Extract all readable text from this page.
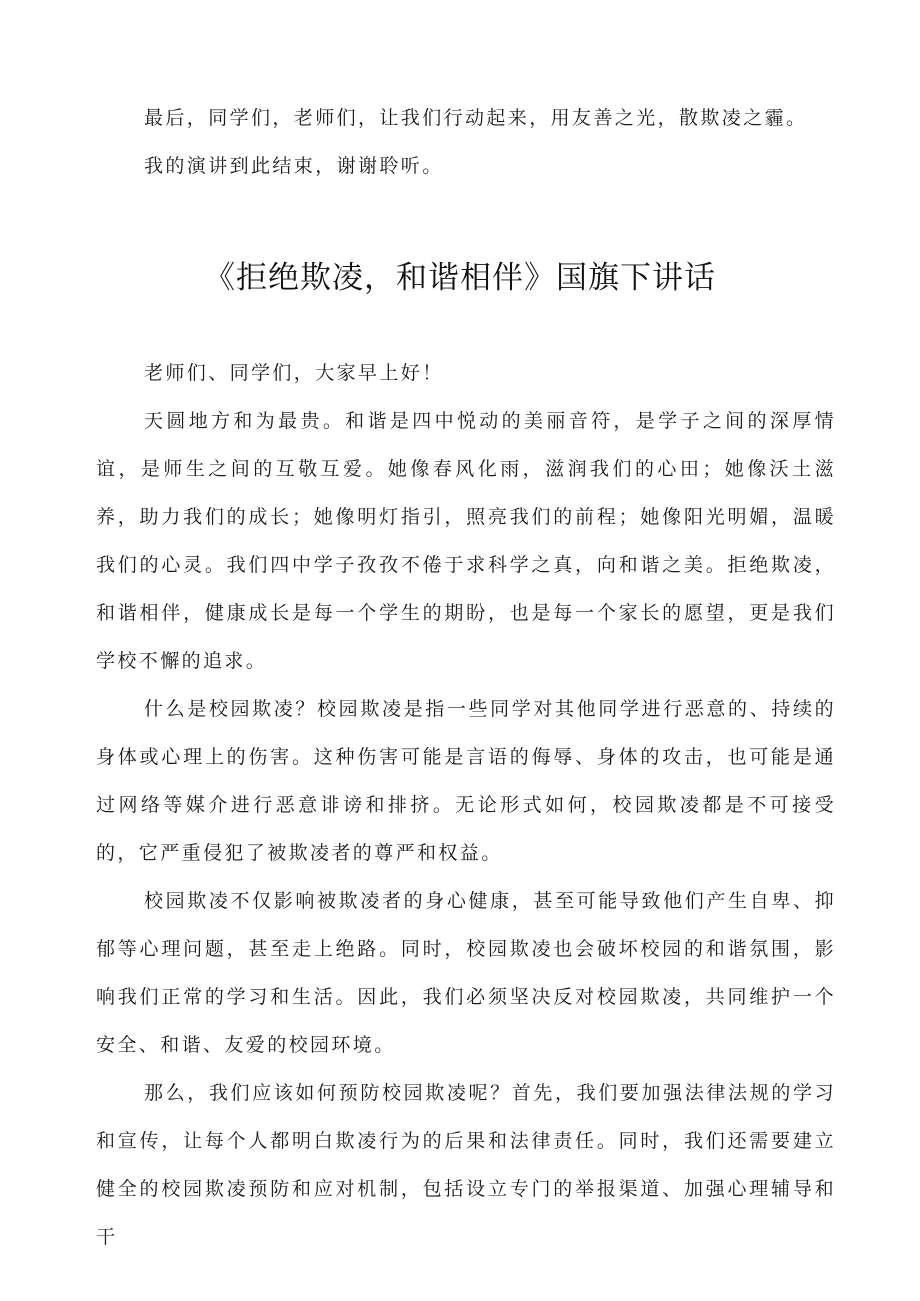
最后，同学们，老师们，让我们行动起来，用友善之光，散欺凌之霾。

我的演讲到此结束，谢谢聆听。

《拒绝欺凌，和谐相伴》国旗下讲话

老师们、同学们，大家早上好！

天圆地方和为最贵。和谐是四中悦动的美丽音符，是学子之间的深厚情谊，是师生之间的互敬互爱。她像春风化雨，滋润我们的心田；她像沃土滋养，助力我们的成长；她像明灯指引，照亮我们的前程；她像阳光明媚，温暖我们的心灵。我们四中学子孜孜不倦于求科学之真，向和谐之美。拒绝欺凌，和谐相伴，健康成长是每一个学生的期盼，也是每一个家长的愿望，更是我们学校不懈的追求。

什么是校园欺凌？校园欺凌是指一些同学对其他同学进行恶意的、持续的身体或心理上的伤害。这种伤害可能是言语的侮辱、身体的攻击，也可能是通过网络等媒介进行恶意诽谤和排挤。无论形式如何，校园欺凌都是不可接受的，它严重侵犯了被欺凌者的尊严和权益。

校园欺凌不仅影响被欺凌者的身心健康，甚至可能导致他们产生自卑、抑郁等心理问题，甚至走上绝路。同时，校园欺凌也会破坏校园的和谐氛围，影响我们正常的学习和生活。因此，我们必须坚决反对校园欺凌，共同维护一个安全、和谐、友爱的校园环境。

那么，我们应该如何预防校园欺凌呢？首先，我们要加强法律法规的学习和宣传，让每个人都明白欺凌行为的后果和法律责任。同时，我们还需要建立健全的校园欺凌预防和应对机制，包括设立专门的举报渠道、加强心理辅导和干
